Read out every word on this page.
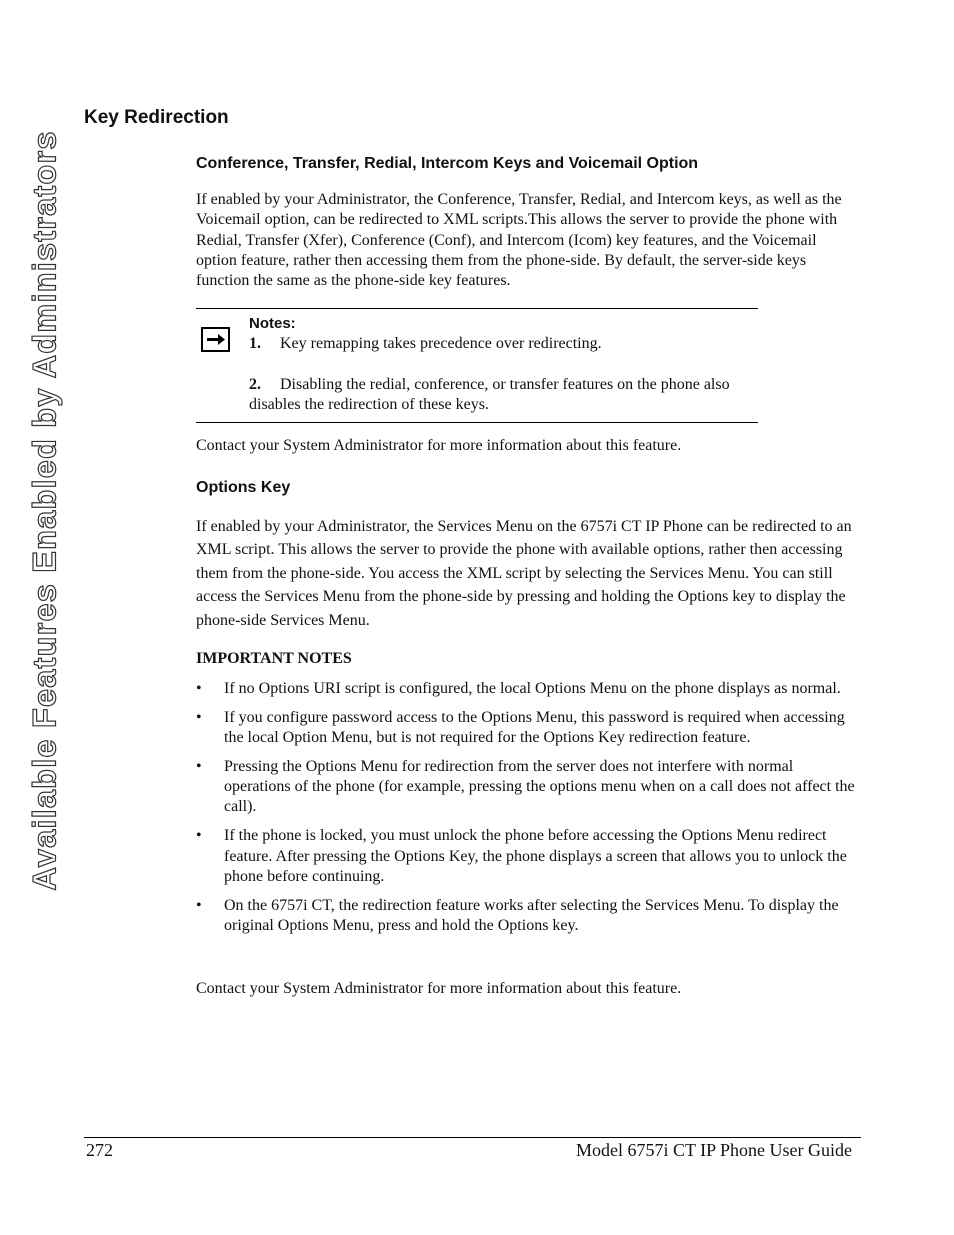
Available Features Enabled by Administrators
Key Redirection
Conference, Transfer, Redial, Intercom Keys and Voicemail Option

If enabled by your Administrator, the Conference, Transfer, Redial, and Intercom keys, as well as the Voicemail option, can be redirected to XML scripts.This allows the server to provide the phone with Redial, Transfer (Xfer), Conference (Conf), and Intercom (Icom) key features, and the Voicemail option feature, rather then accessing them from the phone-side. By default, the server-side keys function the same as the phone-side key features.

Notes:
1. Key remapping takes precedence over redirecting.
2. Disabling the redial, conference, or transfer features on the phone also disables the redirection of these keys.

Contact your System Administrator for more information about this feature.

Options Key

If enabled by your Administrator, the Services Menu on the 6757i CT IP Phone can be redirected to an XML script. This allows the server to provide the phone with available options, rather then accessing them from the phone-side. You access the XML script by selecting the Services Menu. You can still access the Services Menu from the phone-side by pressing and holding the Options key to display the phone-side Services Menu.

IMPORTANT NOTES
• If no Options URI script is configured, the local Options Menu on the phone displays as normal.
• If you configure password access to the Options Menu, this password is required when accessing the local Option Menu, but is not required for the Options Key redirection feature.
• Pressing the Options Menu for redirection from the server does not interfere with normal operations of the phone (for example, pressing the options menu when on a call does not affect the call).
• If the phone is locked, you must unlock the phone before accessing the Options Menu redirect feature. After pressing the Options Key, the phone displays a screen that allows you to unlock the phone before continuing.
• On the 6757i CT, the redirection feature works after selecting the Services Menu. To display the original Options Menu, press and hold the Options key.

Contact your System Administrator for more information about this feature.

272	Model 6757i CT IP Phone User Guide
